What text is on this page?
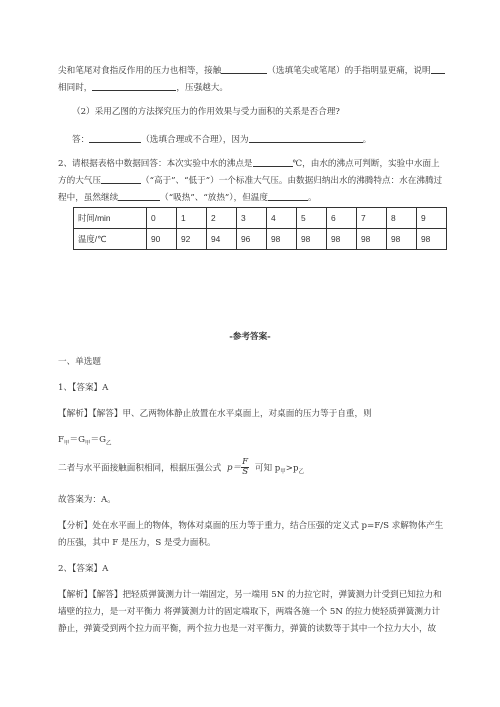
尖和笔尾对食指反作用的压力也相等，接触	（选填笔尖或笔尾）的手指明显更痛，说明
相同时，	，压强越大。
（2）采用乙图的方法探究压力的作用效果与受力面积的关系是否合理?
答：	（选填合理或不合理），因为	。
2、请根据表格中数据回答：本次实验中水的沸点是	℃，由水的沸点可判断，实验中水面上
方的大气压	（“高于”、“低于”）一个标准大气压。由数据归纳出水的沸腾特点：水在沸腾过
程中，虽然继续	（“吸热”、“放热”），但温度	。
时间/min	0	1	2	3	4	5	6	7	8	9
温度/℃	90	92	94	96	98	98	98	98	98	98
-参考答案-
一、单选题
1、【答案】A
【解析】【解答】甲、乙两物体静止放置在水平桌面上，对桌面的压力等于自重，则
$F_甲=G_甲=G_乙$
二者与水平面接触面积相同，根据压强公式 $p= \frac{F}{S}$ 可知 $p_甲>p_乙$
故答案为：A。
【分析】处在水平面上的物体，物体对桌面的压力等于重力，结合压强的定义式 p=F/S 求解物体产生
的压强，其中 F 是压力，S 是受力面积。
2、【答案】A
【解析】【解答】把轻质弹簧测力计一端固定，另一端用 5N 的力拉它时，弹簧测力计受到已知拉力和
墙壁的拉力，是一对平衡力 将弹簧测力计的固定端取下，两端各施一个 5N 的拉力使轻质弹簧测力计
静止，弹簧受到两个拉力而平衡，两个拉力也是一对平衡力，弹簧的读数等于其中一个拉力大小，故
